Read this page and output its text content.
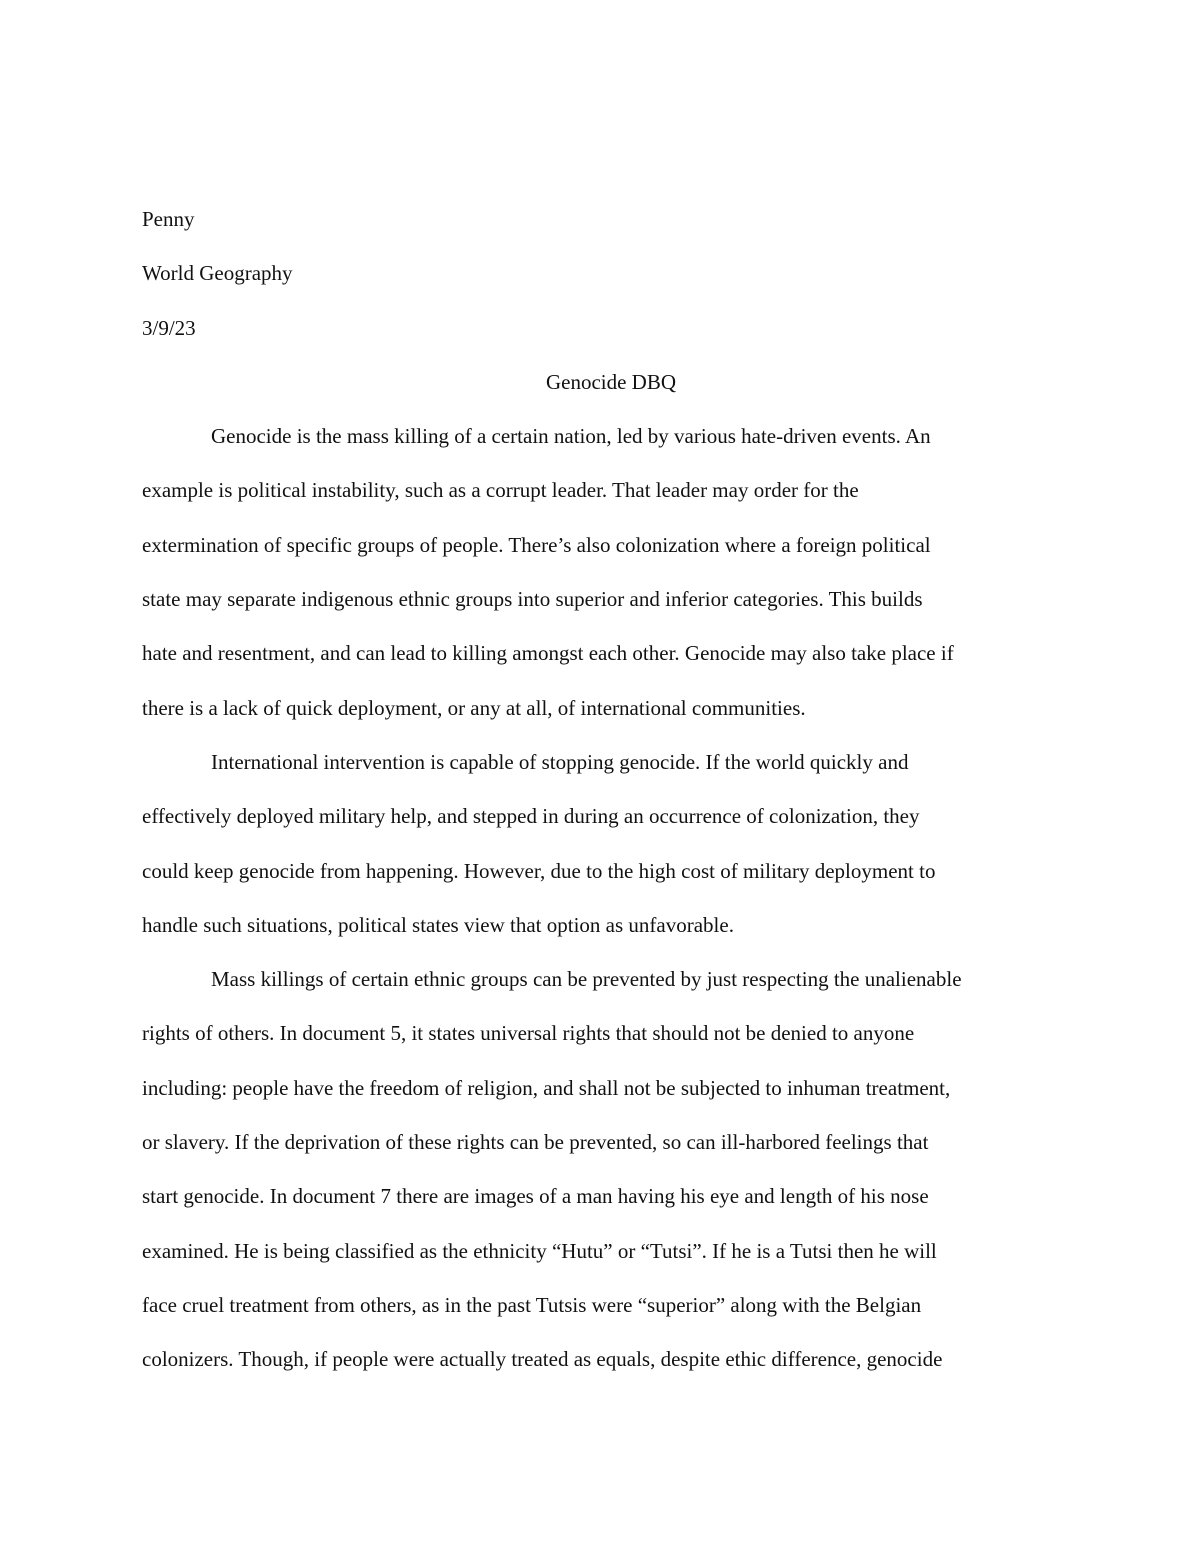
Penny

World Geography

3/9/23

Genocide DBQ

Genocide is the mass killing of a certain nation, led by various hate-driven events. An

example is political instability, such as a corrupt leader. That leader may order for the

extermination of specific groups of people. There’s also colonization where a foreign political

state may separate indigenous ethnic groups into superior and inferior categories. This builds

hate and resentment, and can lead to killing amongst each other. Genocide may also take place if

there is a lack of quick deployment, or any at all, of international communities.

International intervention is capable of stopping genocide. If the world quickly and

effectively deployed military help, and stepped in during an occurrence of colonization, they

could keep genocide from happening. However, due to the high cost of military deployment to

handle such situations, political states view that option as unfavorable.

Mass killings of certain ethnic groups can be prevented by just respecting the unalienable

rights of others. In document 5, it states universal rights that should not be denied to anyone

including: people have the freedom of religion, and shall not be subjected to inhuman treatment,

or slavery. If the deprivation of these rights can be prevented, so can ill-harbored feelings that

start genocide. In document 7 there are images of a man having his eye and length of his nose

examined. He is being classified as the ethnicity “Hutu” or “Tutsi”. If he is a Tutsi then he will

face cruel treatment from others, as in the past Tutsis were “superior” along with the Belgian

colonizers. Though, if people were actually treated as equals, despite ethic difference, genocide
